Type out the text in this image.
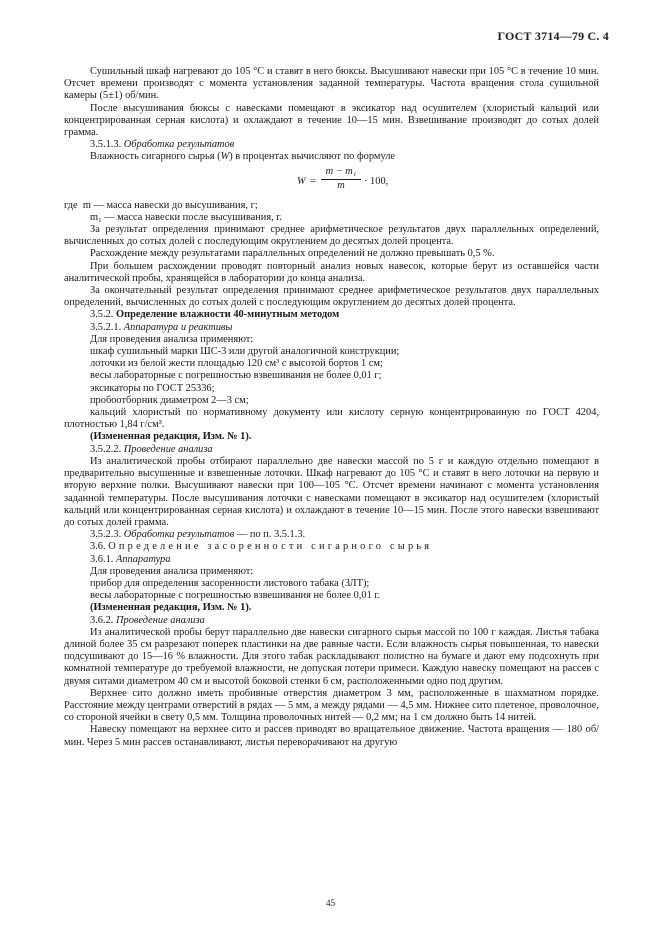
ГОСТ 3714—79 С. 4

Сушильный шкаф нагревают до 105 °С и ставят в него бюксы. Высушивают навески при 105 °С в течение 10 мин. Отсчет времени производят с момента установления заданной температуры. Частота вращения стола сушильной камеры (5±1) об/мин.

После высушивания бюксы с навесками помещают в эксикатор над осушителем (хлористый кальций или концентрированная серная кислота) и охлаждают в течение 10—15 мин. Взвешивание производят до сотых долей грамма.

3.5.1.3. Обработка результатов

Влажность сигарного сырья (W) в процентах вычисляют по формуле

$W = \frac{\text{m − m₁}}{m} \cdot 100$,

где m — масса навески до высушивания, г;

m₁ — масса навески после высушивания, г.

За результат определения принимают среднее арифметическое результатов двух параллельных определений, вычисленных до сотых долей с последующим округлением до десятых долей процента.

Расхождение между результатами параллельных определений не должно превышать 0,5 %.

При большем расхождении проводят повторный анализ новых навесок, которые берут из оставшейся части аналитической пробы, хранящейся в лаборатории до конца анализа.

За окончательный результат определения принимают среднее арифметическое результатов двух параллельных определений, вычисленных до сотых долей с последующим округлением до десятых долей процента.

3.5.2. Определение влажности 40-минутным методом

3.5.2.1. Аппаратура и реактивы

Для проведения анализа применяют:

шкаф сушильный марки ШС-3 или другой аналогичной конструкции;

лоточки из белой жести площадью 120 см³ с высотой бортов 1 см;

весы лабораторные с погрешностью взвешивания не более 0,01 г;

эксикаторы по ГОСТ 25336;

пробоотборник диаметром 2—3 см;

кальций хлористый по нормативному документу или кислоту серную концентрированную по ГОСТ 4204, плотностью 1,84 г/см³.

(Измененная редакция, Изм. № 1).

3.5.2.2. Проведение анализа

Из аналитической пробы отбирают параллельно две навески массой по 5 г и каждую отдельно помещают в предварительно высушенные и взвешенные лоточки. Шкаф нагревают до 105 °С и ставят в него лоточки на первую и вторую верхние полки. Высушивают навески при 100—105 °С. Отсчет времени начинают с момента установления заданной температуры. После высушивания лоточки с навесками помещают в эксикатор над осушителем (хлористый кальций или концентрированная серная кислота) и охлаждают в течение 10—15 мин. После этого навески взвешивают до сотых долей грамма.

3.5.2.3. Обработка результатов — по п. 3.5.1.3.

3.6. Определение засоренности сигарного сырья

3.6.1. Аппаратура

Для проведения анализа применяют:

прибор для определения засоренности листового табака (ЗЛТ);

весы лабораторные с погрешностью взвешивания не более 0,01 г.

(Измененная редакция, Изм. № 1).

3.6.2. Проведение анализа

Из аналитической пробы берут параллельно две навески сигарного сырья массой по 100 г каждая. Листья табака длиной более 35 см разрезают поперек пластинки на две равные части. Если влажность сырья повышенная, то навески подсушивают до 15—16 % влажности. Для этого табак раскладывают полистно на бумаге и дают ему подсохнуть при комнатной температуре до требуемой влажности, не допуская потери примеси. Каждую навеску помещают на рассев с двумя ситами диаметром 40 см и высотой боковой стенки 6 см, расположенными одно под другим.

Верхнее сито должно иметь пробивные отверстия диаметром 3 мм, расположенные в шахматном порядке. Расстояние между центрами отверстий в рядах — 5 мм, а между рядами — 4,5 мм. Нижнее сито плетеное, проволочное, со стороной ячейки в свету 0,5 мм. Толщина проволочных нитей — 0,2 мм; на 1 см должно быть 14 нитей.

Навеску помещают на верхнее сито и рассев приводят во вращательное движение. Частота вращения — 180 об/мин. Через 5 мин рассев останавливают, листья переворачивают на другую

45
